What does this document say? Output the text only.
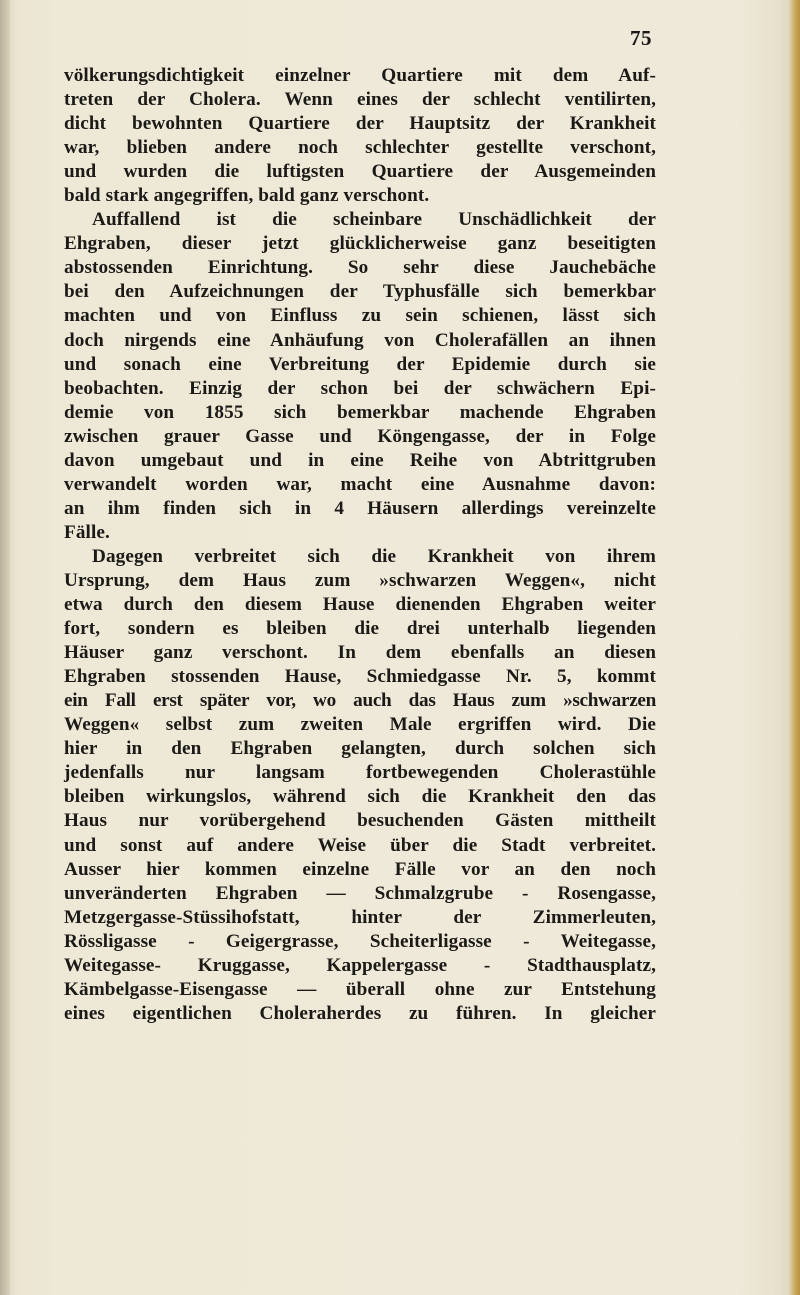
75
völkerungsdichtigkeit einzelner Quartiere mit dem Auf-
treten der Cholera. Wenn eines der schlecht ventilirten,
dicht bewohnten Quartiere der Hauptsitz der Krankheit
war, blieben andere noch schlechter gestellte verschont,
und wurden die luftigsten Quartiere der Ausgemeinden
bald stark angegriffen, bald ganz verschont.
Auffallend ist die scheinbare Unschädlichkeit der
Ehgraben, dieser jetzt glücklicherweise ganz beseitigten
abstossenden Einrichtung. So sehr diese Jauchebäche
bei den Aufzeichnungen der Typhusfälle sich bemerkbar
machten und von Einfluss zu sein schienen, lässt sich
doch nirgends eine Anhäufung von Cholerafällen an ihnen
und sonach eine Verbreitung der Epidemie durch sie
beobachten. Einzig der schon bei der schwächern Epi-
demie von 1855 sich bemerkbar machende Ehgraben
zwischen grauer Gasse und Köngengasse, der in Folge
davon umgebaut und in eine Reihe von Abtrittgruben
verwandelt worden war, macht eine Ausnahme davon:
an ihm finden sich in 4 Häusern allerdings vereinzelte
Fälle.
Dagegen verbreitet sich die Krankheit von ihrem
Ursprung, dem Haus zum »schwarzen Weggen«, nicht
etwa durch den diesem Hause dienenden Ehgraben weiter
fort, sondern es bleiben die drei unterhalb liegenden
Häuser ganz verschont. In dem ebenfalls an diesen
Ehgraben stossenden Hause, Schmiedgasse Nr. 5, kommt
ein Fall erst später vor, wo auch das Haus zum »schwarzen
Weggen« selbst zum zweiten Male ergriffen wird. Die
hier in den Ehgraben gelangten, durch solchen sich
jedenfalls nur langsam fortbewegenden Cholerastühle
bleiben wirkungslos, während sich die Krankheit den das
Haus nur vorübergehend besuchenden Gästen mittheilt
und sonst auf andere Weise über die Stadt verbreitet.
Ausser hier kommen einzelne Fälle vor an den noch
unveränderten Ehgraben — Schmalzgrube - Rosengasse,
Metzgergasse-Stüssihofstatt, hinter der Zimmerleuten,
Rössligasse - Geigergrasse, Scheiterligasse - Weitegasse,
Weitegasse- Kruggasse, Kappelergasse - Stadthausplatz,
Kämbelgasse-Eisengasse — überall ohne zur Entstehung
eines eigentlichen Choleraherdes zu führen. In gleicher
